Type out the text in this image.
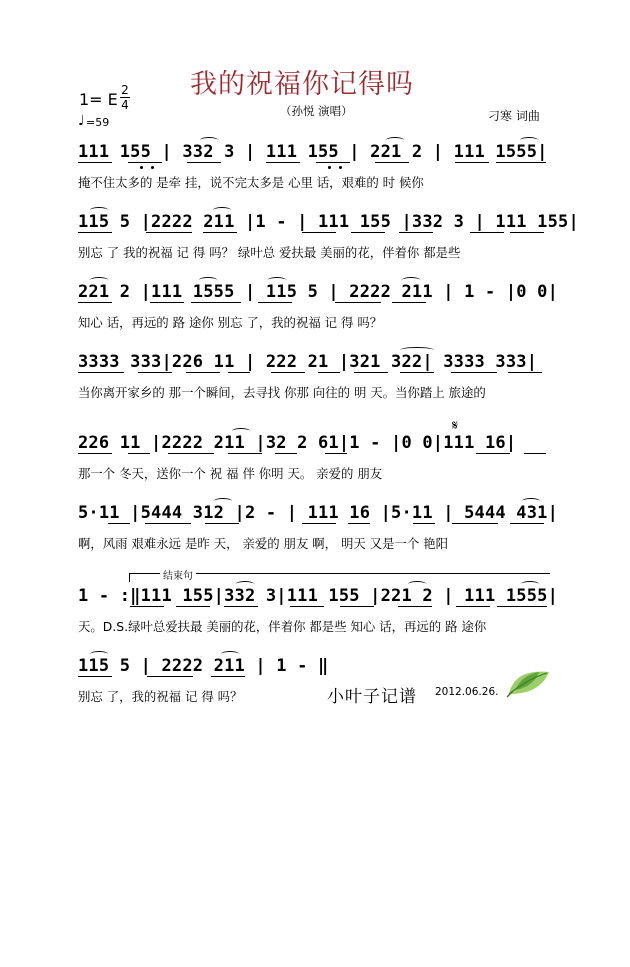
我的祝福你记得吗
（孙悦 演唱）	刁寒 词曲
1= E 2
4
♩ =59
111 155 | 332 3 | 111 155 | 221 2 | 111 1555|
掩不住太多的 是牵 挂，说不完太多是 心里 话，艰难的 时 候你
115 5 |2222 211 |1 - | 111 155 |332 3 | 111 155|
别忘 了 我的祝福 记 得 吗？ 绿叶总 爱扶最 美丽的花，伴着你 都是些
221 2 |111 1555 | 115 5 | 2222 211 | 1 - |0 0|
知心 话，再远的 路 途你 别忘 了，我的祝福 记 得 吗？
3333 333|226 11 | 222 21 |321 322| 3333 333|
当你离开家乡的 那一个瞬间，去寻找 你那 向往的 明 天。当你踏上 旅途的
𝄋
226 11 |2222 211 |32 2 61|1 - |0 0|111 16|
那一个 冬天，送你一个 祝 福 伴 你明 天。 亲爱的 朋友
5·11 |5444 312 |2 - | 111 16 |5·11 | 5444 431|
啊，风雨 艰难永远 是昨 天， 亲爱的 朋友 啊， 明天 又是一个 艳阳
结束句
1 - :‖111 155|332 3|111 155 |221 2 | 111 1555|
天。D.S.绿叶总爱扶最 美丽的花，伴着你 都是些 知心 话，再远的 路 途你
115 5 | 2222 211 | 1 - ‖
别忘 了，我的祝福 记 得 吗？	小叶子记谱 2012.06.26.
